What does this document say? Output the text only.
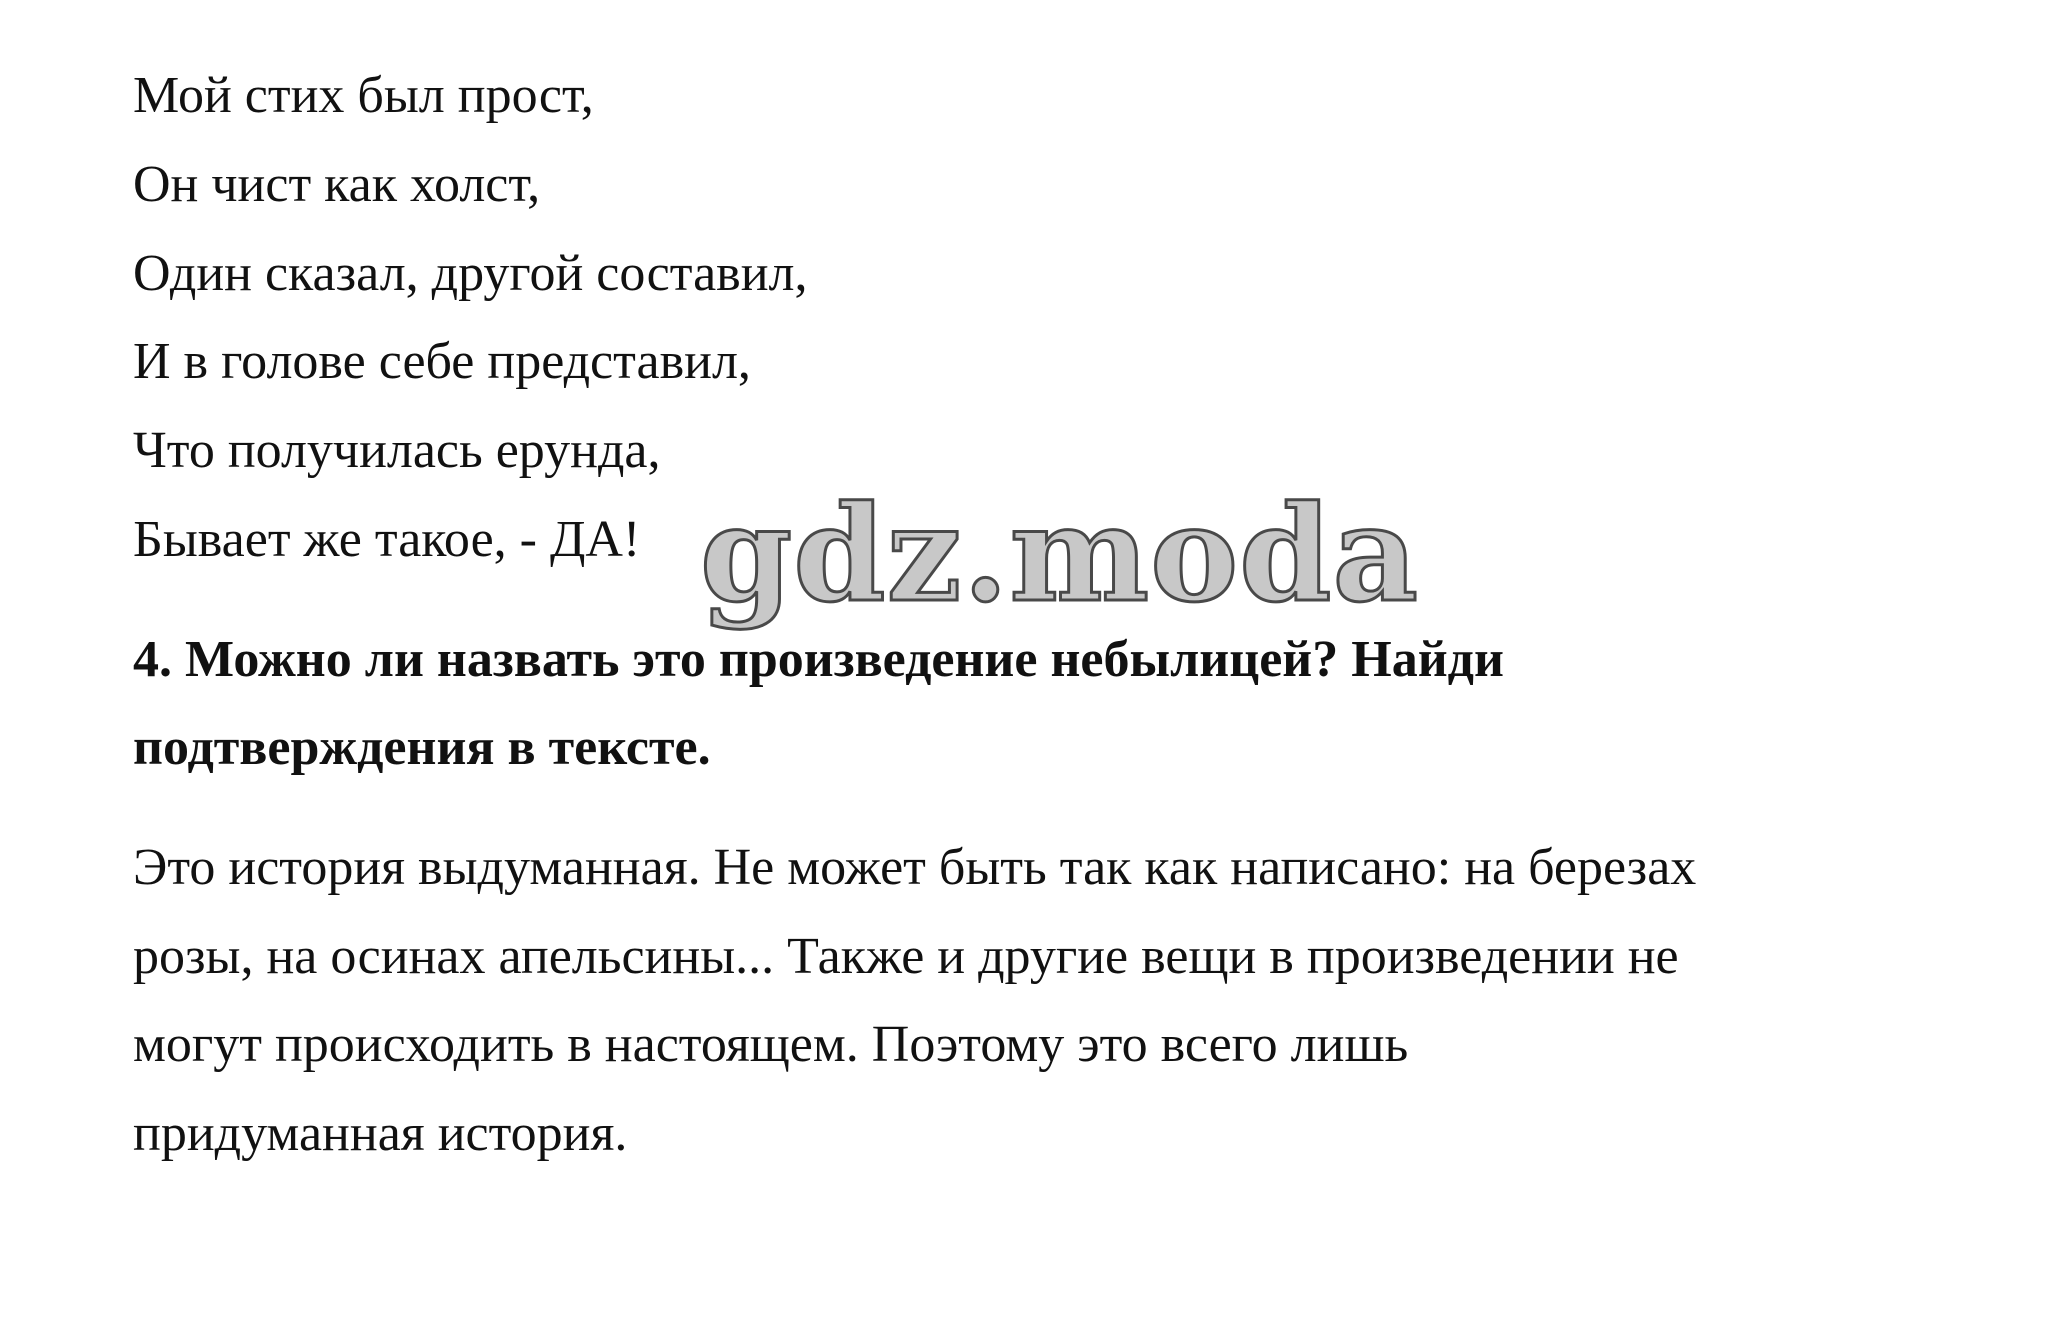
Мой стих был прост,

Он чист как холст,

Один сказал, другой составил,

И в голове себе представил,

Что получилась ерунда,

Бывает же такое, - ДА! gdz.moda

4. Можно ли назвать это произведение небылицей? Найди

подтверждения в тексте.

Это история выдуманная. Не может быть так как написано: на березах

розы, на осинах апельсины... Также и другие вещи в произведении не

могут происходить в настоящем. Поэтому это всего лишь

придуманная история.
